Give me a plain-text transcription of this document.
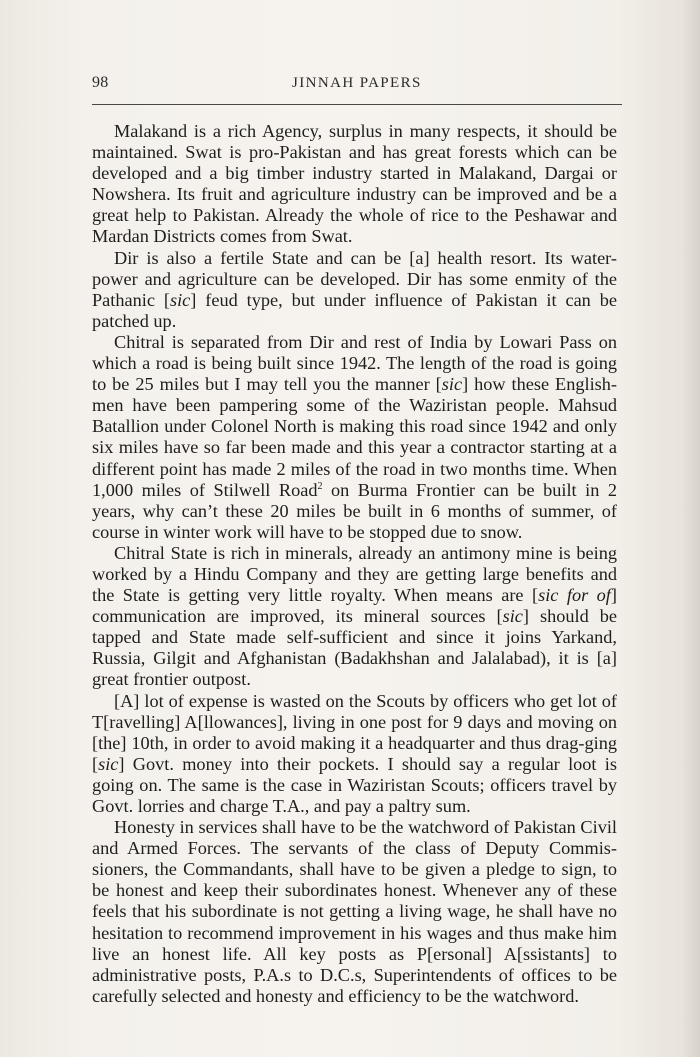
98	JINNAH PAPERS

Malakand is a rich Agency, surplus in many respects, it should be maintained. Swat is pro-Pakistan and has great forests which can be developed and a big timber industry started in Malakand, Dargai or Nowshera. Its fruit and agriculture industry can be improved and be a great help to Pakistan. Already the whole of rice to the Peshawar and Mardan Districts comes from Swat.

Dir is also a fertile State and can be [a] health resort. Its water-power and agriculture can be developed. Dir has some enmity of the Pathanic [sic] feud type, but under influence of Pakistan it can be patched up.

Chitral is separated from Dir and rest of India by Lowari Pass on which a road is being built since 1942. The length of the road is going to be 25 miles but I may tell you the manner [sic] how these English-men have been pampering some of the Waziristan people. Mahsud Batallion under Colonel North is making this road since 1942 and only six miles have so far been made and this year a contractor starting at a different point has made 2 miles of the road in two months time. When 1,000 miles of Stilwell Road$^2$ on Burma Frontier can be built in 2 years, why can’t these 20 miles be built in 6 months of summer, of course in winter work will have to be stopped due to snow.

Chitral State is rich in minerals, already an antimony mine is being worked by a Hindu Company and they are getting large benefits and the State is getting very little royalty. When means are [sic for of] communication are improved, its mineral sources [sic] should be tapped and State made self-sufficient and since it joins Yarkand, Russia, Gilgit and Afghanistan (Badakhshan and Jalalabad), it is [a] great frontier outpost.

[A] lot of expense is wasted on the Scouts by officers who get lot of T[ravelling] A[llowances], living in one post for 9 days and moving on [the] 10th, in order to avoid making it a headquarter and thus drag-ging [sic] Govt. money into their pockets. I should say a regular loot is going on. The same is the case in Waziristan Scouts; officers travel by Govt. lorries and charge T.A., and pay a paltry sum.

Honesty in services shall have to be the watchword of Pakistan Civil and Armed Forces. The servants of the class of Deputy Commis-sioners, the Commandants, shall have to be given a pledge to sign, to be honest and keep their subordinates honest. Whenever any of these feels that his subordinate is not getting a living wage, he shall have no hesitation to recommend improvement in his wages and thus make him live an honest life. All key posts as P[ersonal] A[ssistants] to administrative posts, P.A.s to D.C.s, Superintendents of offices to be carefully selected and honesty and efficiency to be the watchword.
